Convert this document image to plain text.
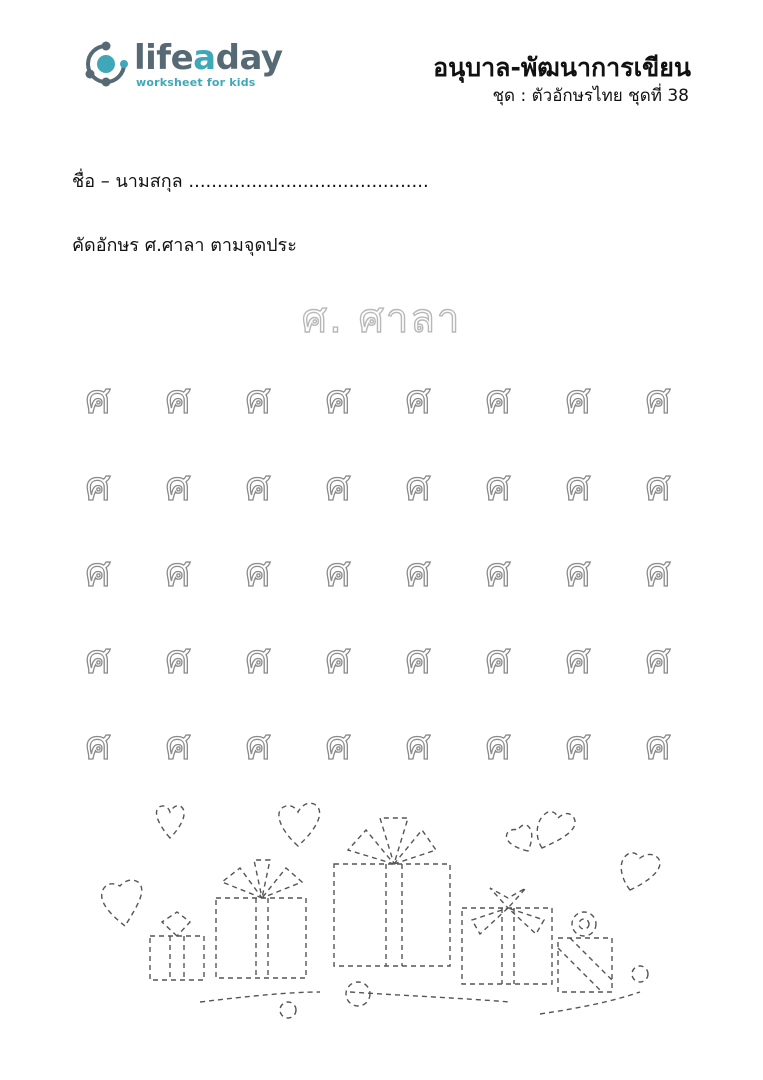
lifeaday
worksheet for kids
อนุบาล-พัฒนาการเขียน
ชุด : ตัวอักษรไทย ชุดที่ 38
ชื่อ – นามสกุล ..........................................
คัดอักษร ศ.ศาลา ตามจุดประ
ศ. ศาลา
ศ	ศ	ศ	ศ	ศ	ศ	ศ	ศ
ศ	ศ	ศ	ศ	ศ	ศ	ศ	ศ
ศ	ศ	ศ	ศ	ศ	ศ	ศ	ศ
ศ	ศ	ศ	ศ	ศ	ศ	ศ	ศ
ศ	ศ	ศ	ศ	ศ	ศ	ศ	ศ
